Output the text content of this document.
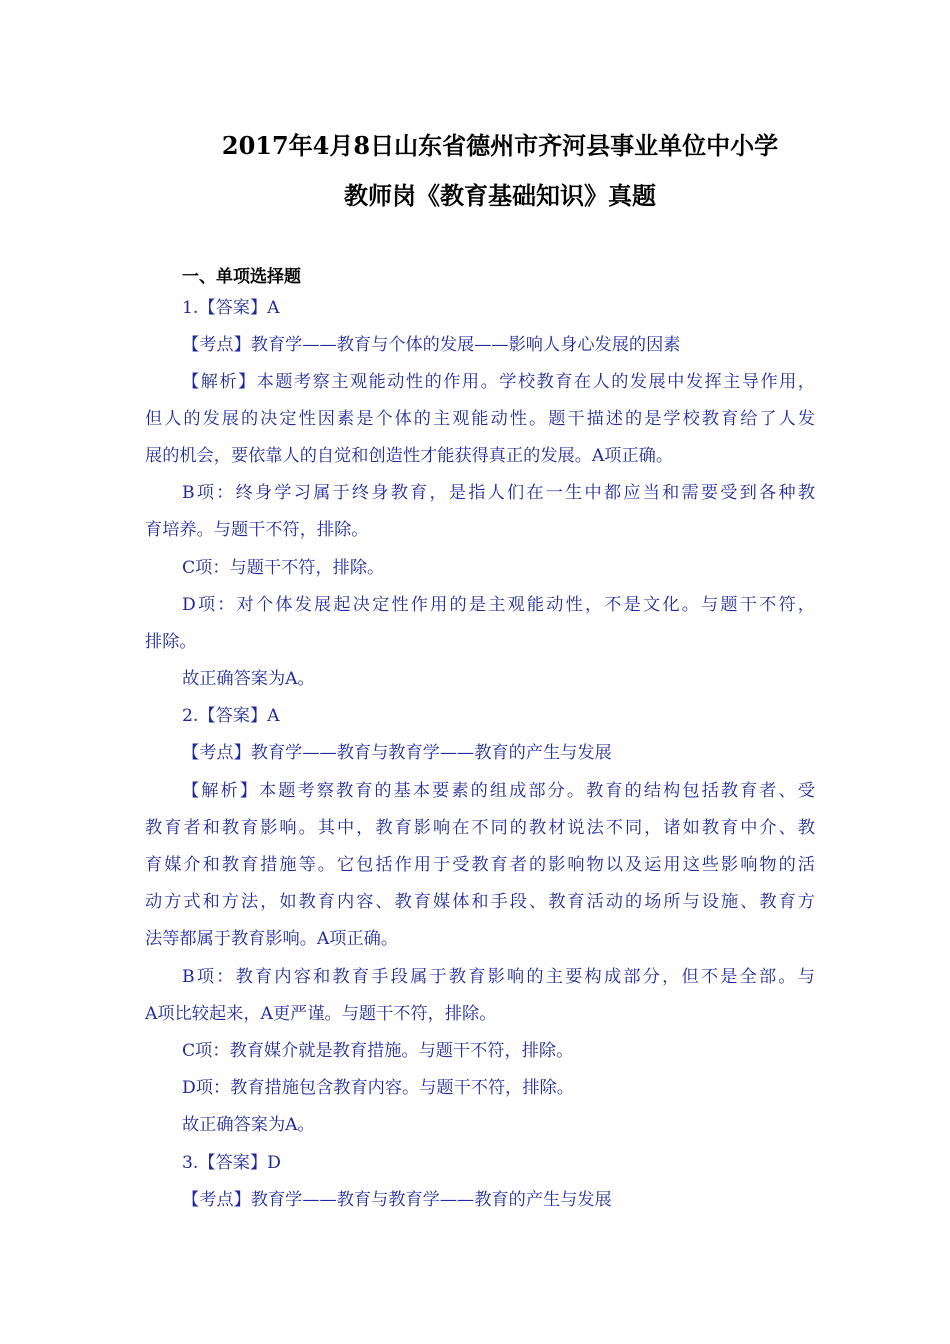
2017年4月8日山东省德州市齐河县事业单位中小学
教师岗《教育基础知识》真题
一、单项选择题
1.【答案】A
【考点】教育学——教育与个体的发展——影响人身心发展的因素
【解析】本题考察主观能动性的作用。学校教育在人的发展中发挥主导作用，
但人的发展的决定性因素是个体的主观能动性。题干描述的是学校教育给了人发
展的机会，要依靠人的自觉和创造性才能获得真正的发展。A项正确。
B项：终身学习属于终身教育，是指人们在一生中都应当和需要受到各种教
育培养。与题干不符，排除。
C项：与题干不符，排除。
D项：对个体发展起决定性作用的是主观能动性，不是文化。与题干不符，
排除。
故正确答案为A。
2.【答案】A
【考点】教育学——教育与教育学——教育的产生与发展
【解析】本题考察教育的基本要素的组成部分。教育的结构包括教育者、受
教育者和教育影响。其中，教育影响在不同的教材说法不同，诸如教育中介、教
育媒介和教育措施等。它包括作用于受教育者的影响物以及运用这些影响物的活
动方式和方法，如教育内容、教育媒体和手段、教育活动的场所与设施、教育方
法等都属于教育影响。A项正确。
B项：教育内容和教育手段属于教育影响的主要构成部分，但不是全部。与
A项比较起来，A更严谨。与题干不符，排除。
C项：教育媒介就是教育措施。与题干不符，排除。
D项：教育措施包含教育内容。与题干不符，排除。
故正确答案为A。
3.【答案】D
【考点】教育学——教育与教育学——教育的产生与发展
